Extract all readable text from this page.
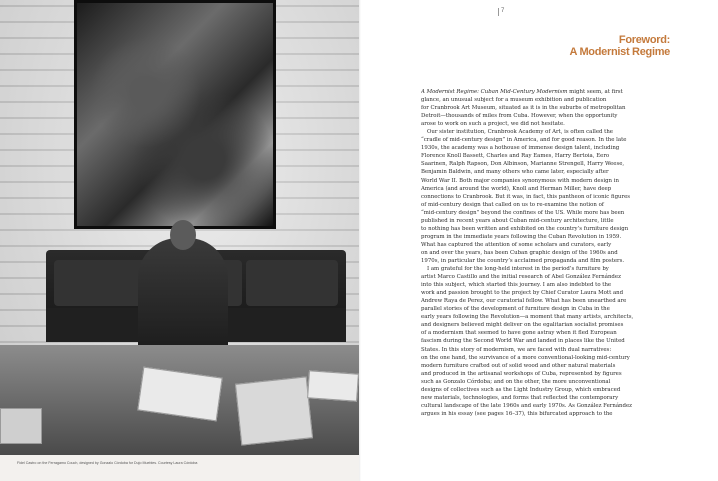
Fidel Castro on the Ferragamo Couch, designed by Gonzalo Córdoba for Dujo Muebles. Courtesy Laura Córdoba
7
Foreword:
A Modernist Regime
A Modernist Regime: Cuban Mid-Century Modernism might seem, at first
glance, an unusual subject for a museum exhibition and publication
for Cranbrook Art Museum, situated as it is in the suburbs of metropolitan
Detroit—thousands of miles from Cuba. However, when the opportunity
arose to work on such a project, we did not hesitate.
Our sister institution, Cranbrook Academy of Art, is often called the
“cradle of mid-century design” in America, and for good reason. In the late
1930s, the academy was a hothouse of immense design talent, including
Florence Knoll Bassett, Charles and Ray Eames, Harry Bertoia, Eero
Saarinen, Ralph Rapson, Don Albinson, Marianne Strengell, Harry Weese,
Benjamin Baldwin, and many others who came later, especially after
World War II. Both major companies synonymous with modern design in
America (and around the world), Knoll and Herman Miller, have deep
connections to Cranbrook. But it was, in fact, this pantheon of iconic figures
of mid-century design that called on us to re-examine the notion of
“mid-century design” beyond the confines of the US. While more has been
published in recent years about Cuban mid-century architecture, little
to nothing has been written and exhibited on the country’s furniture design
program in the immediate years following the Cuban Revolution in 1959.
What has captured the attention of some scholars and curators, early
on and over the years, has been Cuban graphic design of the 1960s and
1970s, in particular the country’s acclaimed propaganda and film posters.
I am grateful for the long-held interest in the period’s furniture by
artist Marco Castillo and the initial research of Abel González Fernández
into this subject, which started this journey. I am also indebted to the
work and passion brought to the project by Chief Curator Laura Mott and
Andrew Raya de Perez, our curatorial fellow. What has been unearthed are
parallel stories of the development of furniture design in Cuba in the
early years following the Revolution—a moment that many artists, architects,
and designers believed might deliver on the egalitarian socialist promises
of a modernism that seemed to have gone astray when it fled European
fascism during the Second World War and landed in places like the United
States. In this story of modernism, we are faced with dual narratives:
on the one hand, the survivance of a more conventional-looking mid-century
modern furniture crafted out of solid wood and other natural materials
and produced in the artisanal workshops of Cuba, represented by figures
such as Gonzalo Córdoba; and on the other, the more unconventional
designs of collectives such as the Light Industry Group, which embraced
new materials, technologies, and forms that reflected the contemporary
cultural landscape of the late 1960s and early 1970s. As González Fernández
argues in his essay (see pages 16–37), this bifurcated approach to the
